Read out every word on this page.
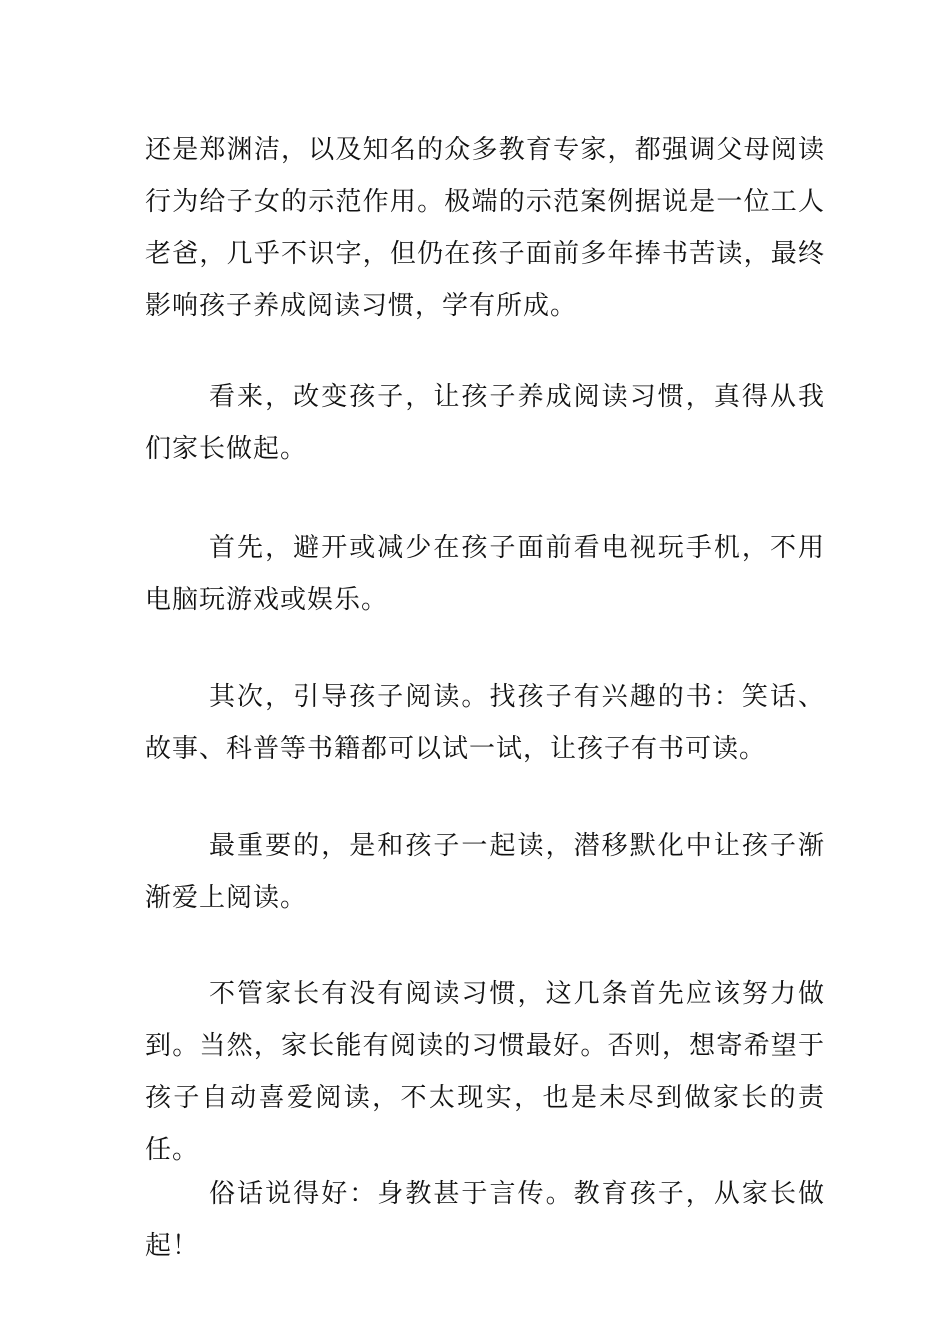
还是郑渊洁，以及知名的众多教育专家，都强调父母阅读行为给子女的示范作用。极端的示范案例据说是一位工人老爸，几乎不识字，但仍在孩子面前多年捧书苦读，最终影响孩子养成阅读习惯，学有所成。

看来，改变孩子，让孩子养成阅读习惯，真得从我们家长做起。

首先，避开或减少在孩子面前看电视玩手机，不用电脑玩游戏或娱乐。

其次，引导孩子阅读。找孩子有兴趣的书：笑话、故事、科普等书籍都可以试一试，让孩子有书可读。

最重要的，是和孩子一起读，潜移默化中让孩子渐渐爱上阅读。

不管家长有没有阅读习惯，这几条首先应该努力做到。当然，家长能有阅读的习惯最好。否则，想寄希望于孩子自动喜爱阅读，不太现实，也是未尽到做家长的责任。

俗话说得好：身教甚于言传。教育孩子，从家长做起！
